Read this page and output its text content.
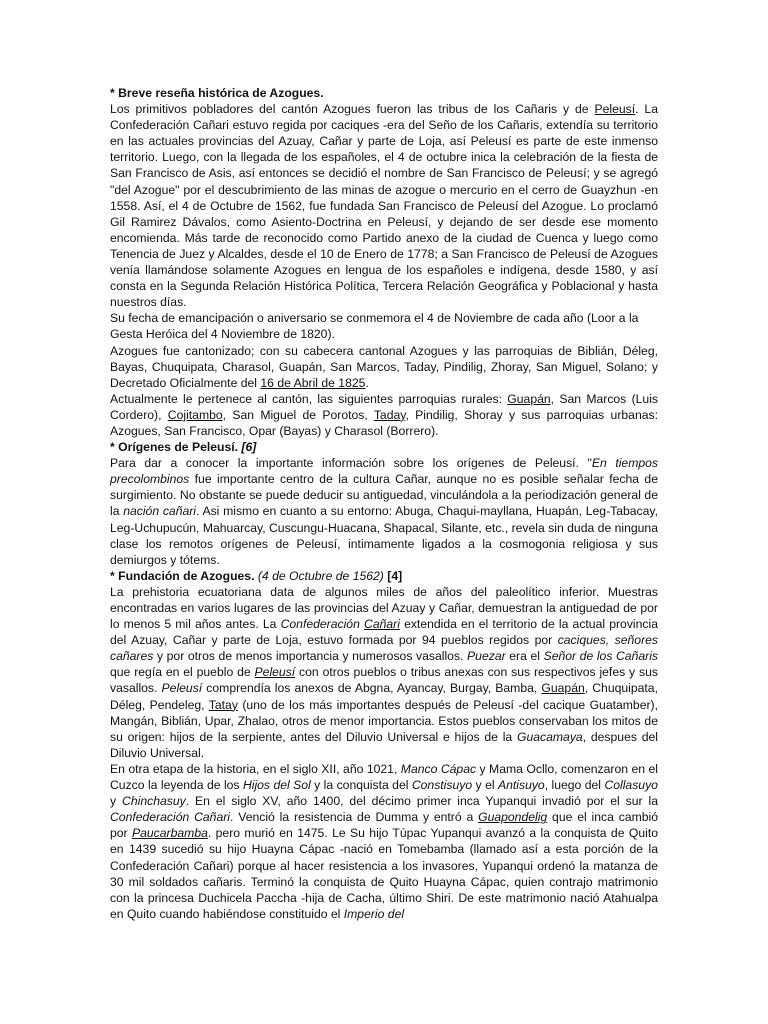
* Breve reseña histórica de Azogues.

Los primitivos pobladores del cantón Azogues fueron las tribus de los Cañaris y de Peleusí. La Confederación Cañari estuvo regida por caciques -era del Seño de los Cañaris, extendía su territorio en las actuales provincias del Azuay, Cañar y parte de Loja, así Peleusí es parte de este inmenso territorio. Luego, con la llegada de los españoles, el 4 de octubre inica la celebración de la fiesta de San Francisco de Asis, así entonces se decidió el nombre de San Francisco de Peleusí; y se agregó "del Azogue" por el descubrimiento de las minas de azogue o mercurio en el cerro de Guayzhun -en 1558. Así, el 4 de Octubre de 1562, fue fundada San Francisco de Peleusí del Azogue. Lo proclamó Gil Ramirez Dávalos, como Asiento-Doctrina en Peleusí, y dejando de ser desde ese momento encomienda. Más tarde de reconocido como Partido anexo de la ciudad de Cuenca y luego como Tenencia de Juez y Alcaldes, desde el 10 de Enero de 1778; a San Francisco de Peleusí de Azogues venía llamándose solamente Azogues en lengua de los españoles e indígena, desde 1580, y así consta en la Segunda Relación Histórica Política, Tercera Relación Geográfica y Poblacional y hasta nuestros días.

Su fecha de emancipación o aniversario se conmemora el 4 de Noviembre de cada año (Loor a la Gesta Heróica del 4 Noviembre de 1820).

Azogues fue cantonizado; con su cabecera cantonal Azogues y las parroquias de Biblián, Déleg, Bayas, Chuquipata, Charasol, Guapán, San Marcos, Taday, Pindilig, Zhoray, San Miguel, Solano; y Decretado Oficialmente del 16 de Abril de 1825.

Actualmente le pertenece al cantón, las siguientes parroquias rurales: Guapán, San Marcos (Luis Cordero), Cojitambo, San Miguel de Porotos, Taday, Pindilig, Shoray y sus parroquias urbanas: Azogues, San Francisco, Opar (Bayas) y Charasol (Borrero).

* Orígenes de Peleusí. [6]

Para dar a conocer la importante información sobre los orígenes de Peleusí. "En tiempos precolombinos fue importante centro de la cultura Cañar, aunque no es posible señalar fecha de surgimiento. No obstante se puede deducir su antiguedad, vinculándola a la periodización general de la nación cañari. Asi mismo en cuanto a su entorno: Abuga, Chaqui-mayllana, Huapán, Leg-Tabacay, Leg-Uchupucún, Mahuarcay, Cuscungu-Huacana, Shapacal, Silante, etc., revela sin duda de ninguna clase los remotos orígenes de Peleusí, intimamente ligados a la cosmogonia religiosa y sus demiurgos y tótems.

* Fundación de Azogues. (4 de Octubre de 1562) [4]

La prehistoria ecuatoriana data de algunos miles de años del paleolítico inferior. Muestras encontradas en varios lugares de las provincias del Azuay y Cañar, demuestran la antiguedad de por lo menos 5 mil años antes. La Confederación Cañari extendida en el territorio de la actual provincia del Azuay, Cañar y parte de Loja, estuvo formada por 94 pueblos regidos por caciques, señores cañares y por otros de menos importancia y numerosos vasallos. Puezar era el Señor de los Cañaris que regía en el pueblo de Peleusí con otros pueblos o tribus anexas con sus respectivos jefes y sus vasallos. Peleusí comprendía los anexos de Abgna, Ayancay, Burgay, Bamba, Guapán, Chuquipata, Déleg, Pendeleg, Tatay (uno de los más importantes después de Peleusí -del cacique Guatamber), Mangán, Biblián, Upar, Zhalao, otros de menor importancia. Estos pueblos conservaban los mitos de su origen: hijos de la serpiente, antes del Diluvio Universal e hijos de la Guacamaya, despues del Diluvio Universal.

En otra etapa de la historia, en el siglo XII, año 1021, Manco Cápac y Mama Ocllo, comenzaron en el Cuzco la leyenda de los Hijos del Sol y la conquista del Constisuyo y el Antisuyo, luego del Collasuyo y Chinchasuy. En el siglo XV, año 1400, del décimo primer inca Yupanqui invadió por el sur la Confederación Cañari. Venció la resistencia de Dumma y entró a Guapondelig que el inca cambió por Paucarbamba. pero murió en 1475. Le Su hijo Túpac Yupanqui avanzó a la conquista de Quito en 1439 sucedió su hijo Huayna Cápac -nació en Tomebamba (llamado así a esta porción de la Confederación Cañari) porque al hacer resistencia a los invasores, Yupanqui ordenó la matanza de 30 mil soldados cañaris. Terminó la conquista de Quito Huayna Cápac, quien contrajo matrimonio con la princesa Duchicela Paccha -hija de Cacha, último Shiri. De este matrimonio nació Atahualpa en Quito cuando habiéndose constituido el Imperio del
